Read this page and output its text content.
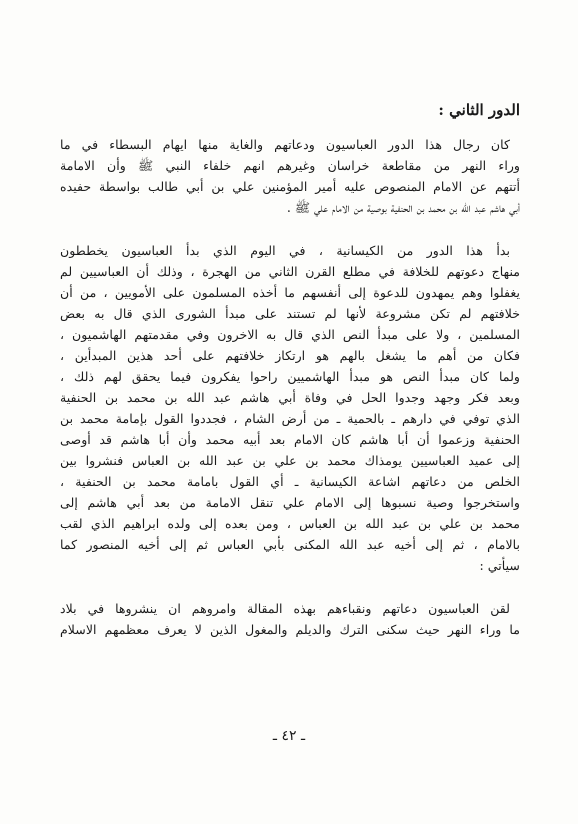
الدور الثاني :
كان رجال هذا الدور العباسيون ودعاتهم والغاية منها ايهام البسطاء في ما
وراء النهر من مقاطعة خراسان وغيرهم انهم خلفاء النبي ﷺ وأن الامامة
أتتهم عن الامام المنصوص عليه أمير المؤمنين علي بن أبي طالب بواسطة حفيده
أبي هاشم عبد الله بن محمد بن الحنفية بوصية من الامام علي ﷺ .
بدأ هذا الدور من الكيسانية ، في اليوم الذي بدأ العباسيون يخططون
منهاج دعوتهم للخلافة في مطلع القرن الثاني من الهجرة ، وذلك أن العباسيين لم
يغفلوا وهم يمهدون للدعوة إلى أنفسهم ما أخذه المسلمون على الأمويين ، من أن
خلافتهم لم تكن مشروعة لأنها لم تستند على مبدأ الشورى الذي قال به بعض
المسلمين ، ولا على مبدأ النص الذي قال به الاخرون وفي مقدمتهم الهاشميون ،
فكان من أهم ما يشغل بالهم هو ارتكاز خلافتهم على أحد هذين المبدأين ،
ولما كان مبدأ النص هو مبدأ الهاشميين راحوا يفكرون فيما يحقق لهم ذلك ،
وبعد فكر وجهد وجدوا الحل في وفاة أبي هاشم عبد الله بن محمد بن الحنفية
الذي توفي في دارهم ـ بالحمية ـ من أرض الشام ، فجددوا القول بإمامة محمد بن
الحنفية وزعموا أن أبا هاشم كان الامام بعد أبيه محمد وأن أبا هاشم قد أوصى
إلى عميد العباسيين يومذاك محمد بن علي بن عبد الله بن العباس فنشروا بين
الخلص من دعاتهم اشاعة الكيسانية ـ أي القول بامامة محمد بن الحنفية ،
واستخرجوا وصية نسبوها إلى الامام علي تنقل الامامة من بعد أبي هاشم إلى
محمد بن علي بن عبد الله بن العباس ، ومن بعده إلى ولده ابراهيم الذي لقب
بالامام ، ثم إلى أخيه عبد الله المكنى بأبي العباس ثم إلى أخيه المنصور كما
سيأتي :
لقن العباسيون دعاتهم ونقباءهم بهذه المقالة وامروهم ان ينشروها في بلاد
ما وراء النهر حيث سكنى الترك والديلم والمغول الذين لا يعرف معظمهم الاسلام
ـ ٤٢ ـ
